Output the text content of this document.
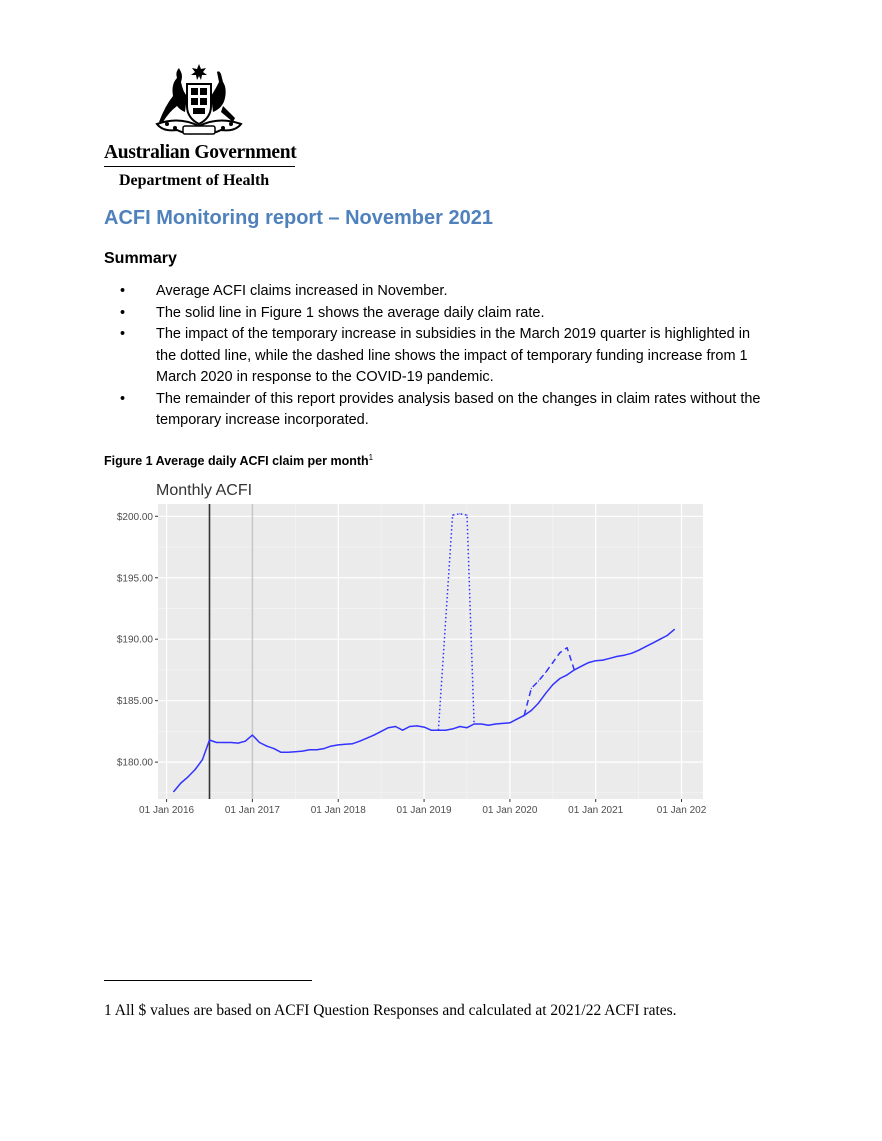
Australian Government
Department of Health
ACFI Monitoring report – November 2021
Summary
• Average ACFI claims increased in November.
• The solid line in Figure 1 shows the average daily claim rate.
• The impact of the temporary increase in subsidies in the March 2019 quarter is highlighted in the dotted line, while the dashed line shows the impact of temporary funding increase from 1 March 2020 in response to the COVID-19 pandemic.
• The remainder of this report provides analysis based on the changes in claim rates without the temporary increase incorporated.

Figure 1 Average daily ACFI claim per month$^1$

Monthly ACFI
$180.00
$185.00
$190.00
$195.00
$200.00
01 Jan 2016	01 Jan 2017	01 Jan 2018	01 Jan 2019	01 Jan 2020	01 Jan 2021	01 Jan 202

1 All $ values are based on ACFI Question Responses and calculated at 2021/22 ACFI rates.
